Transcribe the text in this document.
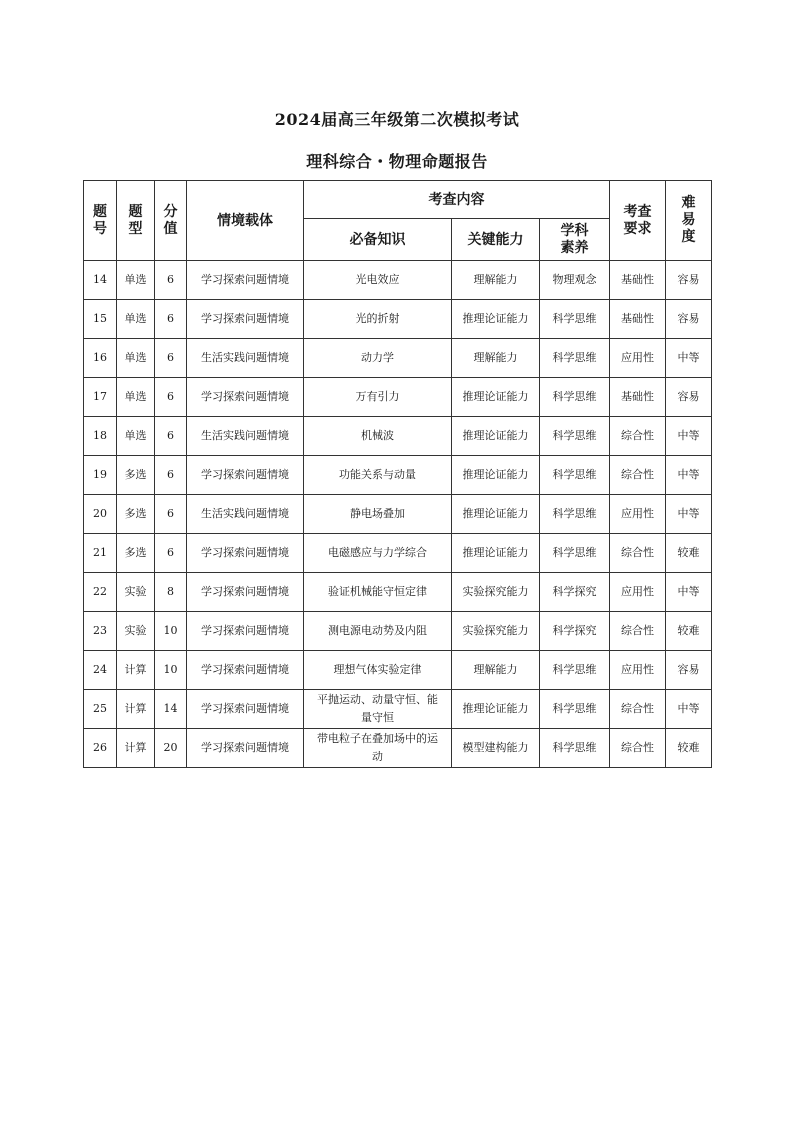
2024届高三年级第二次模拟考试
理科综合・物理命题报告
题号	题型	分值	情境载体	考查内容			考查要求	难易度
				必备知识	关键能力	学科素养		
14	单选	6	学习探索问题情境	光电效应	理解能力	物理观念	基础性	容易
15	单选	6	学习探索问题情境	光的折射	推理论证能力	科学思维	基础性	容易
16	单选	6	生活实践问题情境	动力学	理解能力	科学思维	应用性	中等
17	单选	6	学习探索问题情境	万有引力	推理论证能力	科学思维	基础性	容易
18	单选	6	生活实践问题情境	机械波	推理论证能力	科学思维	综合性	中等
19	多选	6	学习探索问题情境	功能关系与动量	推理论证能力	科学思维	综合性	中等
20	多选	6	生活实践问题情境	静电场叠加	推理论证能力	科学思维	应用性	中等
21	多选	6	学习探索问题情境	电磁感应与力学综合	推理论证能力	科学思维	综合性	较难
22	实验	8	学习探索问题情境	验证机械能守恒定律	实验探究能力	科学探究	应用性	中等
23	实验	10	学习探索问题情境	测电源电动势及内阻	实验探究能力	科学探究	综合性	较难
24	计算	10	学习探索问题情境	理想气体实验定律	理解能力	科学思维	应用性	容易
25	计算	14	学习探索问题情境	平抛运动、动量守恒、能量守恒	推理论证能力	科学思维	综合性	中等
26	计算	20	学习探索问题情境	带电粒子在叠加场中的运动	模型建构能力	科学思维	综合性	较难
